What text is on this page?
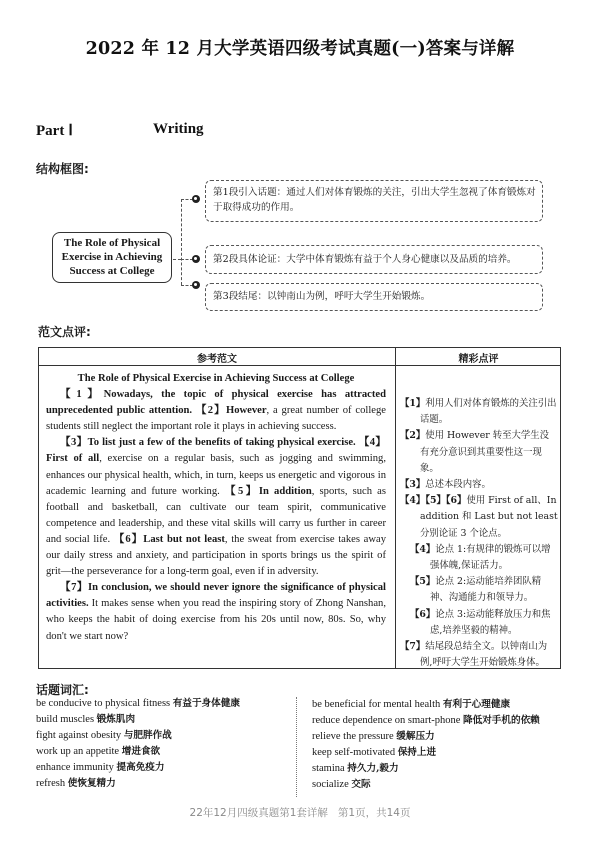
2022 年 12 月大学英语四级考试真题(一)答案与详解
Part Ⅰ	Writing
结构框图:
The Role of Physical
Exercise in Achieving
Success at College
第1段引入话题：通过人们对体育锻炼的关注，引出大学生忽视了体育锻炼对于取得成功的作用。
第2段具体论证：大学中体育锻炼有益于个人身心健康以及品质的培养。
第3段结尾：以钟南山为例，呼吁大学生开始锻炼。
范文点评:
参考范文	精彩点评
The Role of Physical Exercise in Achieving Success at College

【1】Nowadays, the topic of physical exercise has attracted unprecedented public attention. 【2】However, a great number of college students still neglect the important role it plays in achieving success.

【3】To list just a few of the benefits of taking physical exercise. 【4】First of all, exercise on a regular basis, such as jogging and swimming, enhances our physical health, which, in turn, keeps us energetic and vigorous in academic learning and future working. 【5】In addition, sports, such as football and basketball, can cultivate our team spirit, communicative competence and leadership, and these vital skills will carry us further in career and social life. 【6】Last but not least, the sweat from exercise takes away our daily stress and anxiety, and participation in sports brings us the spirit of grit—the perseverance for a long-term goal, even if in adversity.

【7】In conclusion, we should never ignore the significance of physical activities. It makes sense when you read the inspiring story of Zhong Nanshan, who keeps the habit of doing exercise from his 20s until now, 80s. So, why don't we start now?

【1】利用人们对体育锻炼的关注引出话题。
【2】使用 However 转至大学生没有充分意识到其重要性这一现象。
【3】总述本段内容。
【4】【5】【6】使用 First of all、In addition 和 Last but not least 分别论证 3 个论点。
【4】论点 1:有规律的锻炼可以增强体魄,保证活力。
【5】论点 2:运动能培养团队精神、沟通能力和领导力。
【6】论点 3:运动能释放压力和焦虑,培养坚毅的精神。
【7】结尾段总结全文。以钟南山为例,呼吁大学生开始锻炼身体。
话题词汇:
be conducive to physical fitness 有益于身体健康
build muscles 锻炼肌肉
fight against obesity 与肥胖作战
work up an appetite 增进食欲
enhance immunity 提高免疫力
refresh 使恢复精力
be beneficial for mental health 有利于心理健康
reduce dependence on smart-phone 降低对手机的依赖
relieve the pressure 缓解压力
keep self-motivated 保持上进
stamina 持久力,毅力
socialize 交际
22年12月四级真题第1套详解 第1页，共14页
